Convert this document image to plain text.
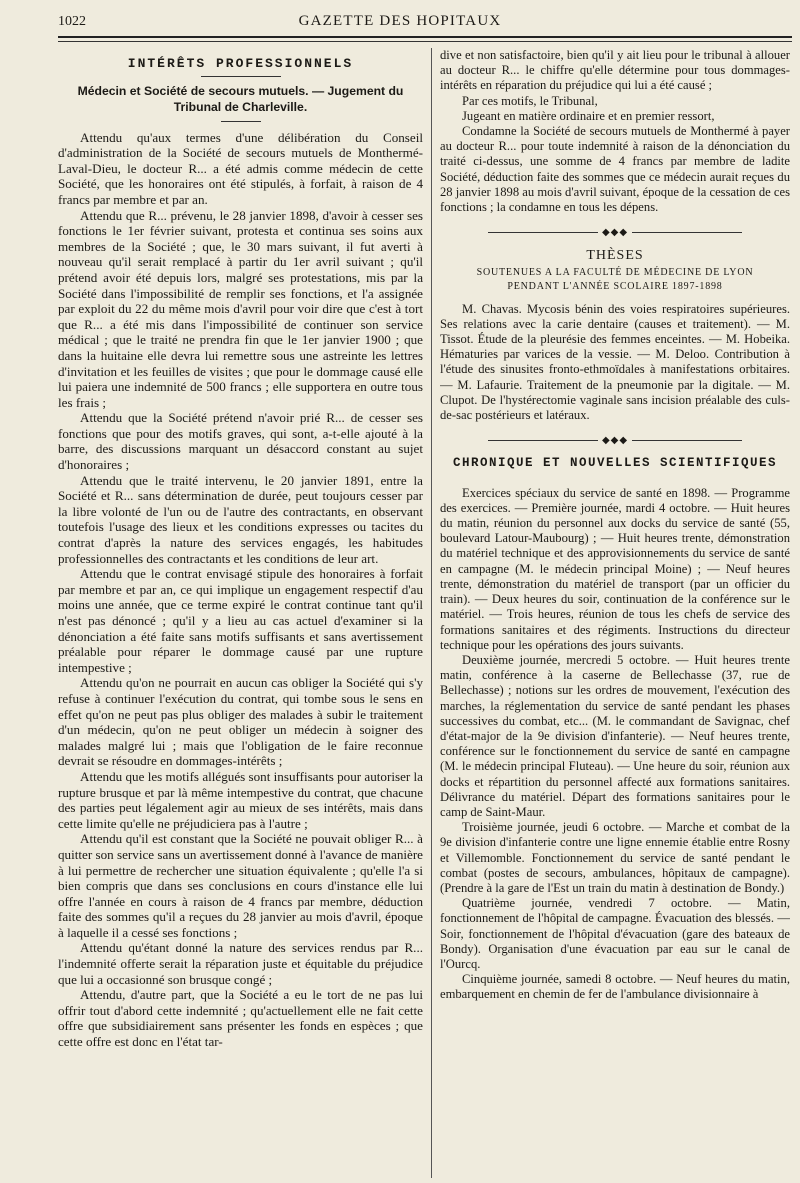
1022	GAZETTE DES HOPITAUX
INTÉRÊTS PROFESSIONNELS
Médecin et Société de secours mutuels. — Jugement du Tribunal de Charleville.

Attendu qu'aux termes d'une délibération du Conseil d'administration de la Société de secours mutuels de Monthermé-Laval-Dieu, le docteur R... a été admis comme médecin de cette Société, que les honoraires ont été stipulés, à forfait, à raison de 4 francs par membre et par an.

Attendu que R... prévenu, le 28 janvier 1898, d'avoir à cesser ses fonctions le 1er février suivant, protesta et continua ses soins aux membres de la Société ; que, le 30 mars suivant, il fut averti à nouveau qu'il serait remplacé à partir du 1er avril suivant ; qu'il prétend avoir été depuis lors, malgré ses protestations, mis par la Société dans l'impossibilité de remplir ses fonctions, et l'a assignée par exploit du 22 du même mois d'avril pour voir dire que c'est à tort que R... a été mis dans l'impossibilité de continuer son service médical ; que le traité ne prendra fin que le 1er janvier 1900 ; que dans la huitaine elle devra lui remettre sous une astreinte les lettres d'invitation et les feuilles de visites ; que pour le dommage causé elle lui paiera une indemnité de 500 francs ; elle supportera en outre tous les frais ;

Attendu que la Société prétend n'avoir prié R... de cesser ses fonctions que pour des motifs graves, qui sont, a-t-elle ajouté à la barre, des discussions marquant un désaccord constant au sujet d'honoraires ;

Attendu que le traité intervenu, le 20 janvier 1891, entre la Société et R... sans détermination de durée, peut toujours cesser par la libre volonté de l'un ou de l'autre des contractants, en observant toutefois l'usage des lieux et les conditions expresses ou tacites du contrat d'après la nature des services engagés, les habitudes professionnelles des contractants et les conditions de leur art.

Attendu que le contrat envisagé stipule des honoraires à forfait par membre et par an, ce qui implique un engagement respectif d'au moins une année, que ce terme expiré le contrat continue tant qu'il n'est pas dénoncé ; qu'il y a lieu au cas actuel d'examiner si la dénonciation a été faite sans motifs suffisants et sans avertissement préalable pour réparer le dommage causé par une rupture intempestive ;

Attendu qu'on ne pourrait en aucun cas obliger la Société qui s'y refuse à continuer l'exécution du contrat, qui tombe sous le sens en effet qu'on ne peut pas plus obliger des malades à subir le traitement d'un médecin, qu'on ne peut obliger un médecin à soigner des malades malgré lui ; mais que l'obligation de le faire reconnue devrait se résoudre en dommages-intérêts ;

Attendu que les motifs allégués sont insuffisants pour autoriser la rupture brusque et par là même intempestive du contrat, que chacune des parties peut légalement agir au mieux de ses intérêts, mais dans cette limite qu'elle ne préjudiciera pas à l'autre ;

Attendu qu'il est constant que la Société ne pouvait obliger R... à quitter son service sans un avertissement donné à l'avance de manière à lui permettre de rechercher une situation équivalente ; qu'elle l'a si bien compris que dans ses conclusions en cours d'instance elle lui offre l'année en cours à raison de 4 francs par membre, déduction faite des sommes qu'il a reçues du 28 janvier au mois d'avril, époque à laquelle il a cessé ses fonctions ;

Attendu qu'étant donné la nature des services rendus par R... l'indemnité offerte serait la réparation juste et équitable du préjudice que lui a occasionné son brusque congé ;

Attendu, d'autre part, que la Société a eu le tort de ne pas lui offrir tout d'abord cette indemnité ; qu'actuellement elle ne fait cette offre que subsidiairement sans présenter les fonds en espèces ; que cette offre est donc en l'état tar-

dive et non satisfactoire, bien qu'il y ait lieu pour le tribunal à allouer au docteur R... le chiffre qu'elle détermine pour tous dommages-intérêts en réparation du préjudice qui lui a été causé ;

Par ces motifs, le Tribunal,

Jugeant en matière ordinaire et en premier ressort,

Condamne la Société de secours mutuels de Monthermé à payer au docteur R... pour toute indemnité à raison de la dénonciation du traité ci-dessus, une somme de 4 francs par membre de ladite Société, déduction faite des sommes que ce médecin aurait reçues du 28 janvier 1898 au mois d'avril suivant, époque de la cessation de ces fonctions ; la condamne en tous les dépens.

◆◆◆
THÈSES
SOUTENUES A LA FACULTÉ DE MÉDECINE DE LYON
PENDANT L'ANNÉE SCOLAIRE 1897-1898

M. Chavas. Mycosis bénin des voies respiratoires supérieures. Ses relations avec la carie dentaire (causes et traitement). — M. Tissot. Étude de la pleurésie des femmes enceintes. — M. Hobeika. Hématuries par varices de la vessie. — M. Deloo. Contribution à l'étude des sinusites fronto-ethmoïdales à manifestations orbitaires. — M. Lafaurie. Traitement de la pneumonie par la digitale. — M. Clupot. De l'hystérectomie vaginale sans incision préalable des culs-de-sac postérieurs et latéraux.

◆◆◆
CHRONIQUE ET NOUVELLES SCIENTIFIQUES

Exercices spéciaux du service de santé en 1898. — Programme des exercices. — Première journée, mardi 4 octobre. — Huit heures du matin, réunion du personnel aux docks du service de santé (55, boulevard Latour-Maubourg) ; — Huit heures trente, démonstration du matériel technique et des approvisionnements du service de santé en campagne (M. le médecin principal Moine) ; — Neuf heures trente, démonstration du matériel de transport (par un officier du train). — Deux heures du soir, continuation de la conférence sur le matériel. — Trois heures, réunion de tous les chefs de service des formations sanitaires et des régiments. Instructions du directeur technique pour les opérations des jours suivants.

Deuxième journée, mercredi 5 octobre. — Huit heures trente matin, conférence à la caserne de Bellechasse (37, rue de Bellechasse) ; notions sur les ordres de mouvement, l'exécution des marches, la réglementation du service de santé pendant les phases successives du combat, etc... (M. le commandant de Savignac, chef d'état-major de la 9e division d'infanterie). — Neuf heures trente, conférence sur le fonctionnement du service de santé en campagne (M. le médecin principal Fluteau). — Une heure du soir, réunion aux docks et répartition du personnel affecté aux formations sanitaires. Délivrance du matériel. Départ des formations sanitaires pour le camp de Saint-Maur.

Troisième journée, jeudi 6 octobre. — Marche et combat de la 9e division d'infanterie contre une ligne ennemie établie entre Rosny et Villemomble. Fonctionnement du service de santé pendant le combat (postes de secours, ambulances, hôpitaux de campagne). (Prendre à la gare de l'Est un train du matin à destination de Bondy.)

Quatrième journée, vendredi 7 octobre. — Matin, fonctionnement de l'hôpital de campagne. Évacuation des blessés. — Soir, fonctionnement de l'hôpital d'évacuation (gare des bateaux de Bondy). Organisation d'une évacuation par eau sur le canal de l'Ourcq.

Cinquième journée, samedi 8 octobre. — Neuf heures du matin, embarquement en chemin de fer de l'ambulance divisionnaire à
